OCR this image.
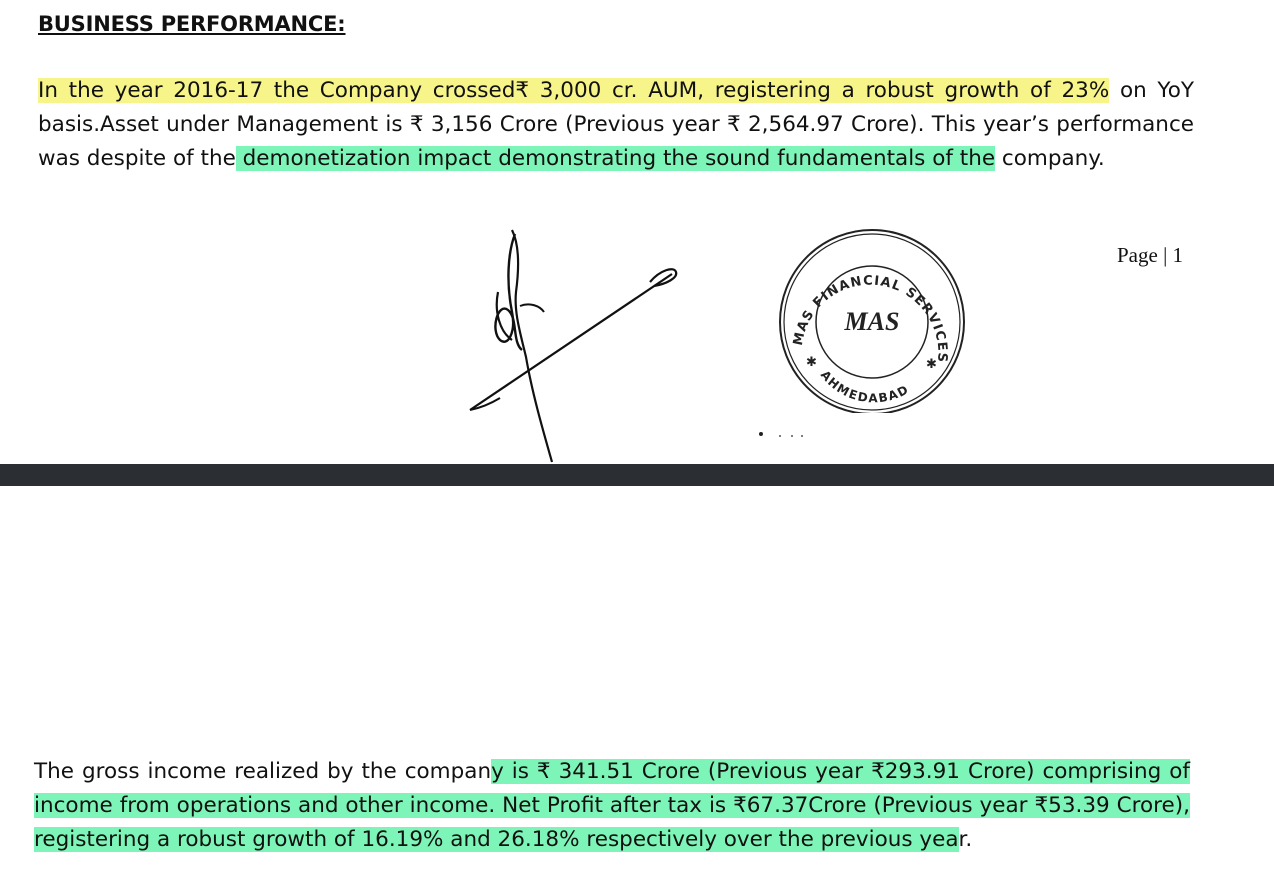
BUSINESS PERFORMANCE:

In the year 2016-17 the Company crossed₹ 3,000 cr. AUM, registering a robust growth of 23% on YoY basis.Asset under Management is ₹ 3,156 Crore (Previous year ₹ 2,564.97 Crore). This year’s performance was despite of the demonetization impact demonstrating the sound fundamentals of the company.

MAS FINANCIAL SERVICES
AHMEDABAD
MAS
✱	✱
Page | 1

The gross income realized by the company is ₹ 341.51 Crore (Previous year ₹293.91 Crore) comprising of income from operations and other income. Net Profit after tax is ₹67.37Crore (Previous year ₹53.39 Crore), registering a robust growth of 16.19% and 26.18% respectively over the previous year.
